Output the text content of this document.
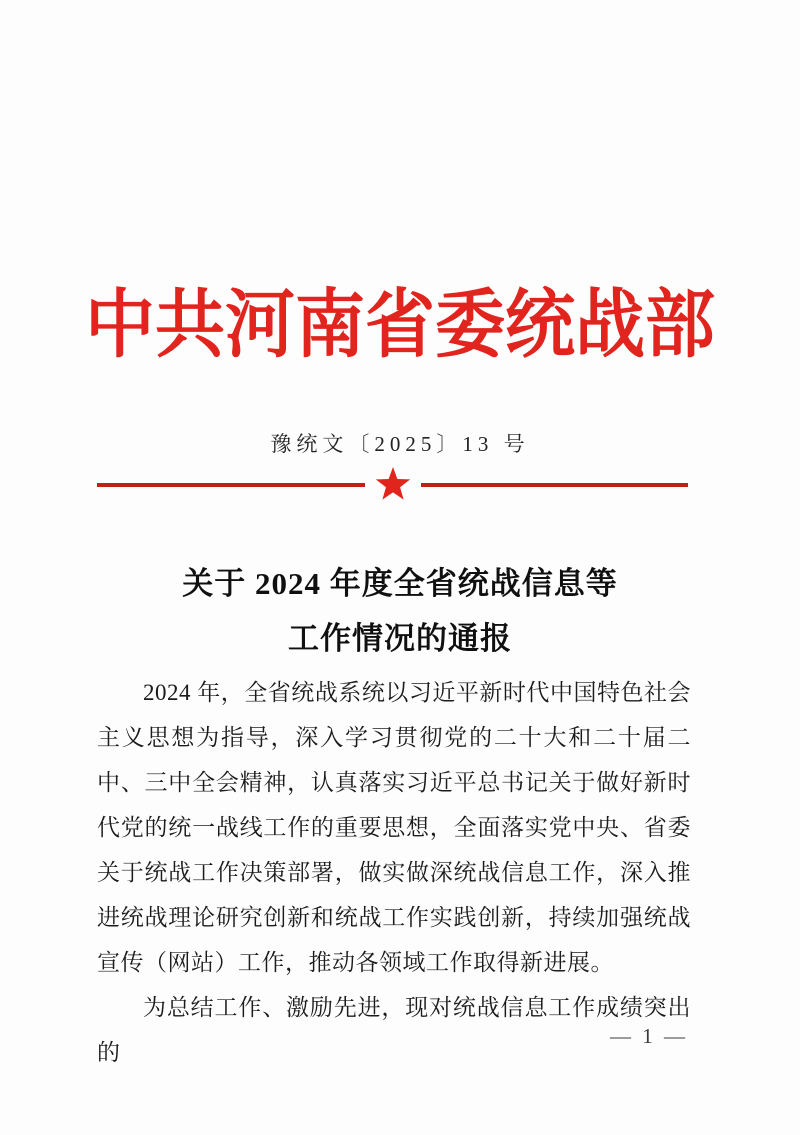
中共河南省委统战部
豫统文〔2025〕13 号
关于 2024 年度全省统战信息等
工作情况的通报

2024 年，全省统战系统以习近平新时代中国特色社会主义思想为指导，深入学习贯彻党的二十大和二十届二中、三中全会精神，认真落实习近平总书记关于做好新时代党的统一战线工作的重要思想，全面落实党中央、省委关于统战工作决策部署，做实做深统战信息工作，深入推进统战理论研究创新和统战工作实践创新，持续加强统战宣传（网站）工作，推动各领域工作取得新进展。

为总结工作、激励先进，现对统战信息工作成绩突出的

— 1 —
